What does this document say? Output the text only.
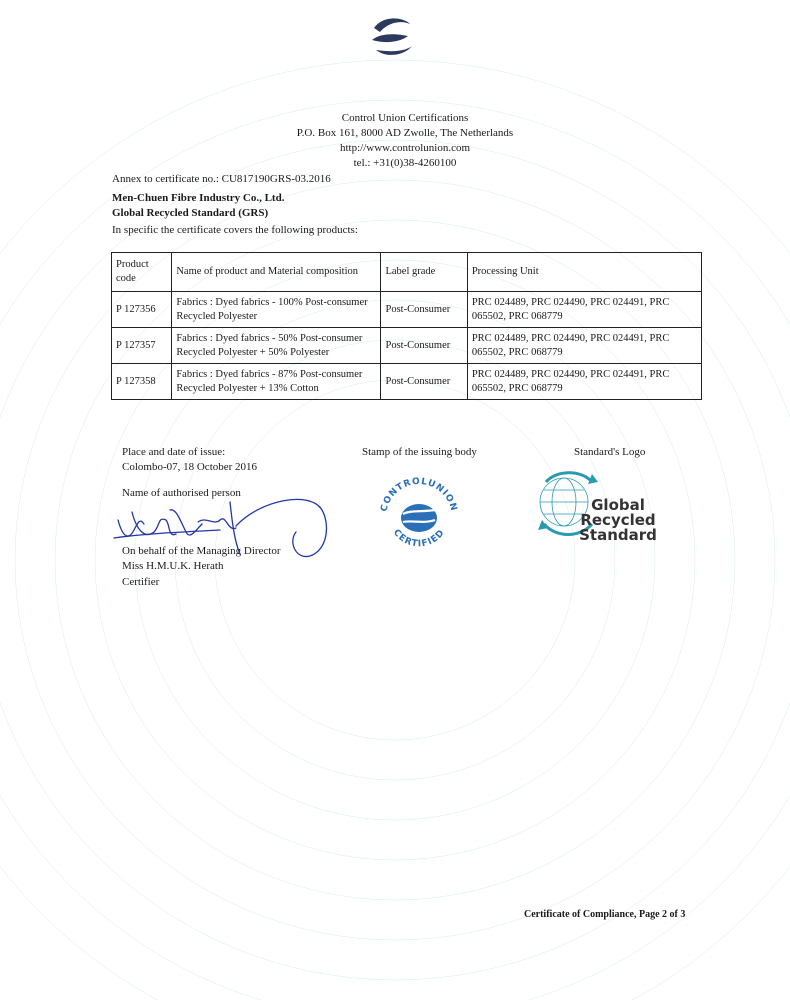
Control Union Certifications
P.O. Box 161, 8000 AD Zwolle, The Netherlands
http://www.controlunion.com
tel.: +31(0)38-4260100
Annex to certificate no.: CU817190GRS-03.2016
Men-Chuen Fibre Industry Co., Ltd.
Global Recycled Standard (GRS)
In specific the certificate covers the following products:
Product code	Name of product and Material composition	Label grade	Processing Unit
P 127356	Fabrics : Dyed fabrics - 100% Post-consumer Recycled Polyester	Post-Consumer	PRC 024489, PRC 024490, PRC 024491, PRC 065502, PRC 068779
P 127357	Fabrics : Dyed fabrics - 50% Post-consumer Recycled Polyester + 50% Polyester	Post-Consumer	PRC 024489, PRC 024490, PRC 024491, PRC 065502, PRC 068779
P 127358	Fabrics : Dyed fabrics - 87% Post-consumer Recycled Polyester + 13% Cotton	Post-Consumer	PRC 024489, PRC 024490, PRC 024491, PRC 065502, PRC 068779
Place and date of issue:
Colombo-07, 18 October 2016
Name of authorised person
On behalf of the Managing Director
Miss H.M.U.K. Herath
Certifier
Stamp of the issuing body
CONTROLUNION
CERTIFIED
Standard's Logo
Global Recycled
Standard
Certificate of Compliance, Page 2 of 3
